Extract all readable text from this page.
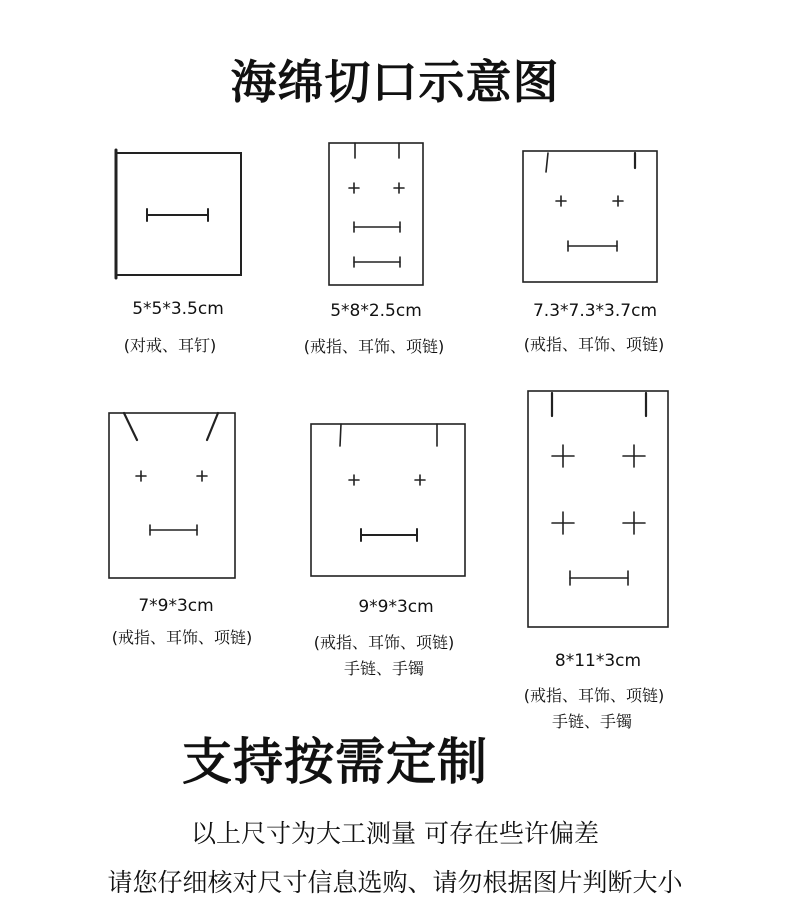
海绵切口示意图
5*5*3.5cm
(对戒、耳钉)
5*8*2.5cm
(戒指、耳饰、项链)
7.3*7.3*3.7cm
(戒指、耳饰、项链)
7*9*3cm
(戒指、耳饰、项链)
9*9*3cm
(戒指、耳饰、项链)
手链、手镯	8*11*3cm
(戒指、耳饰、项链)
手链、手镯
支持按需定制
以上尺寸为大工测量 可存在些许偏差
请您仔细核对尺寸信息选购、请勿根据图片判断大小
